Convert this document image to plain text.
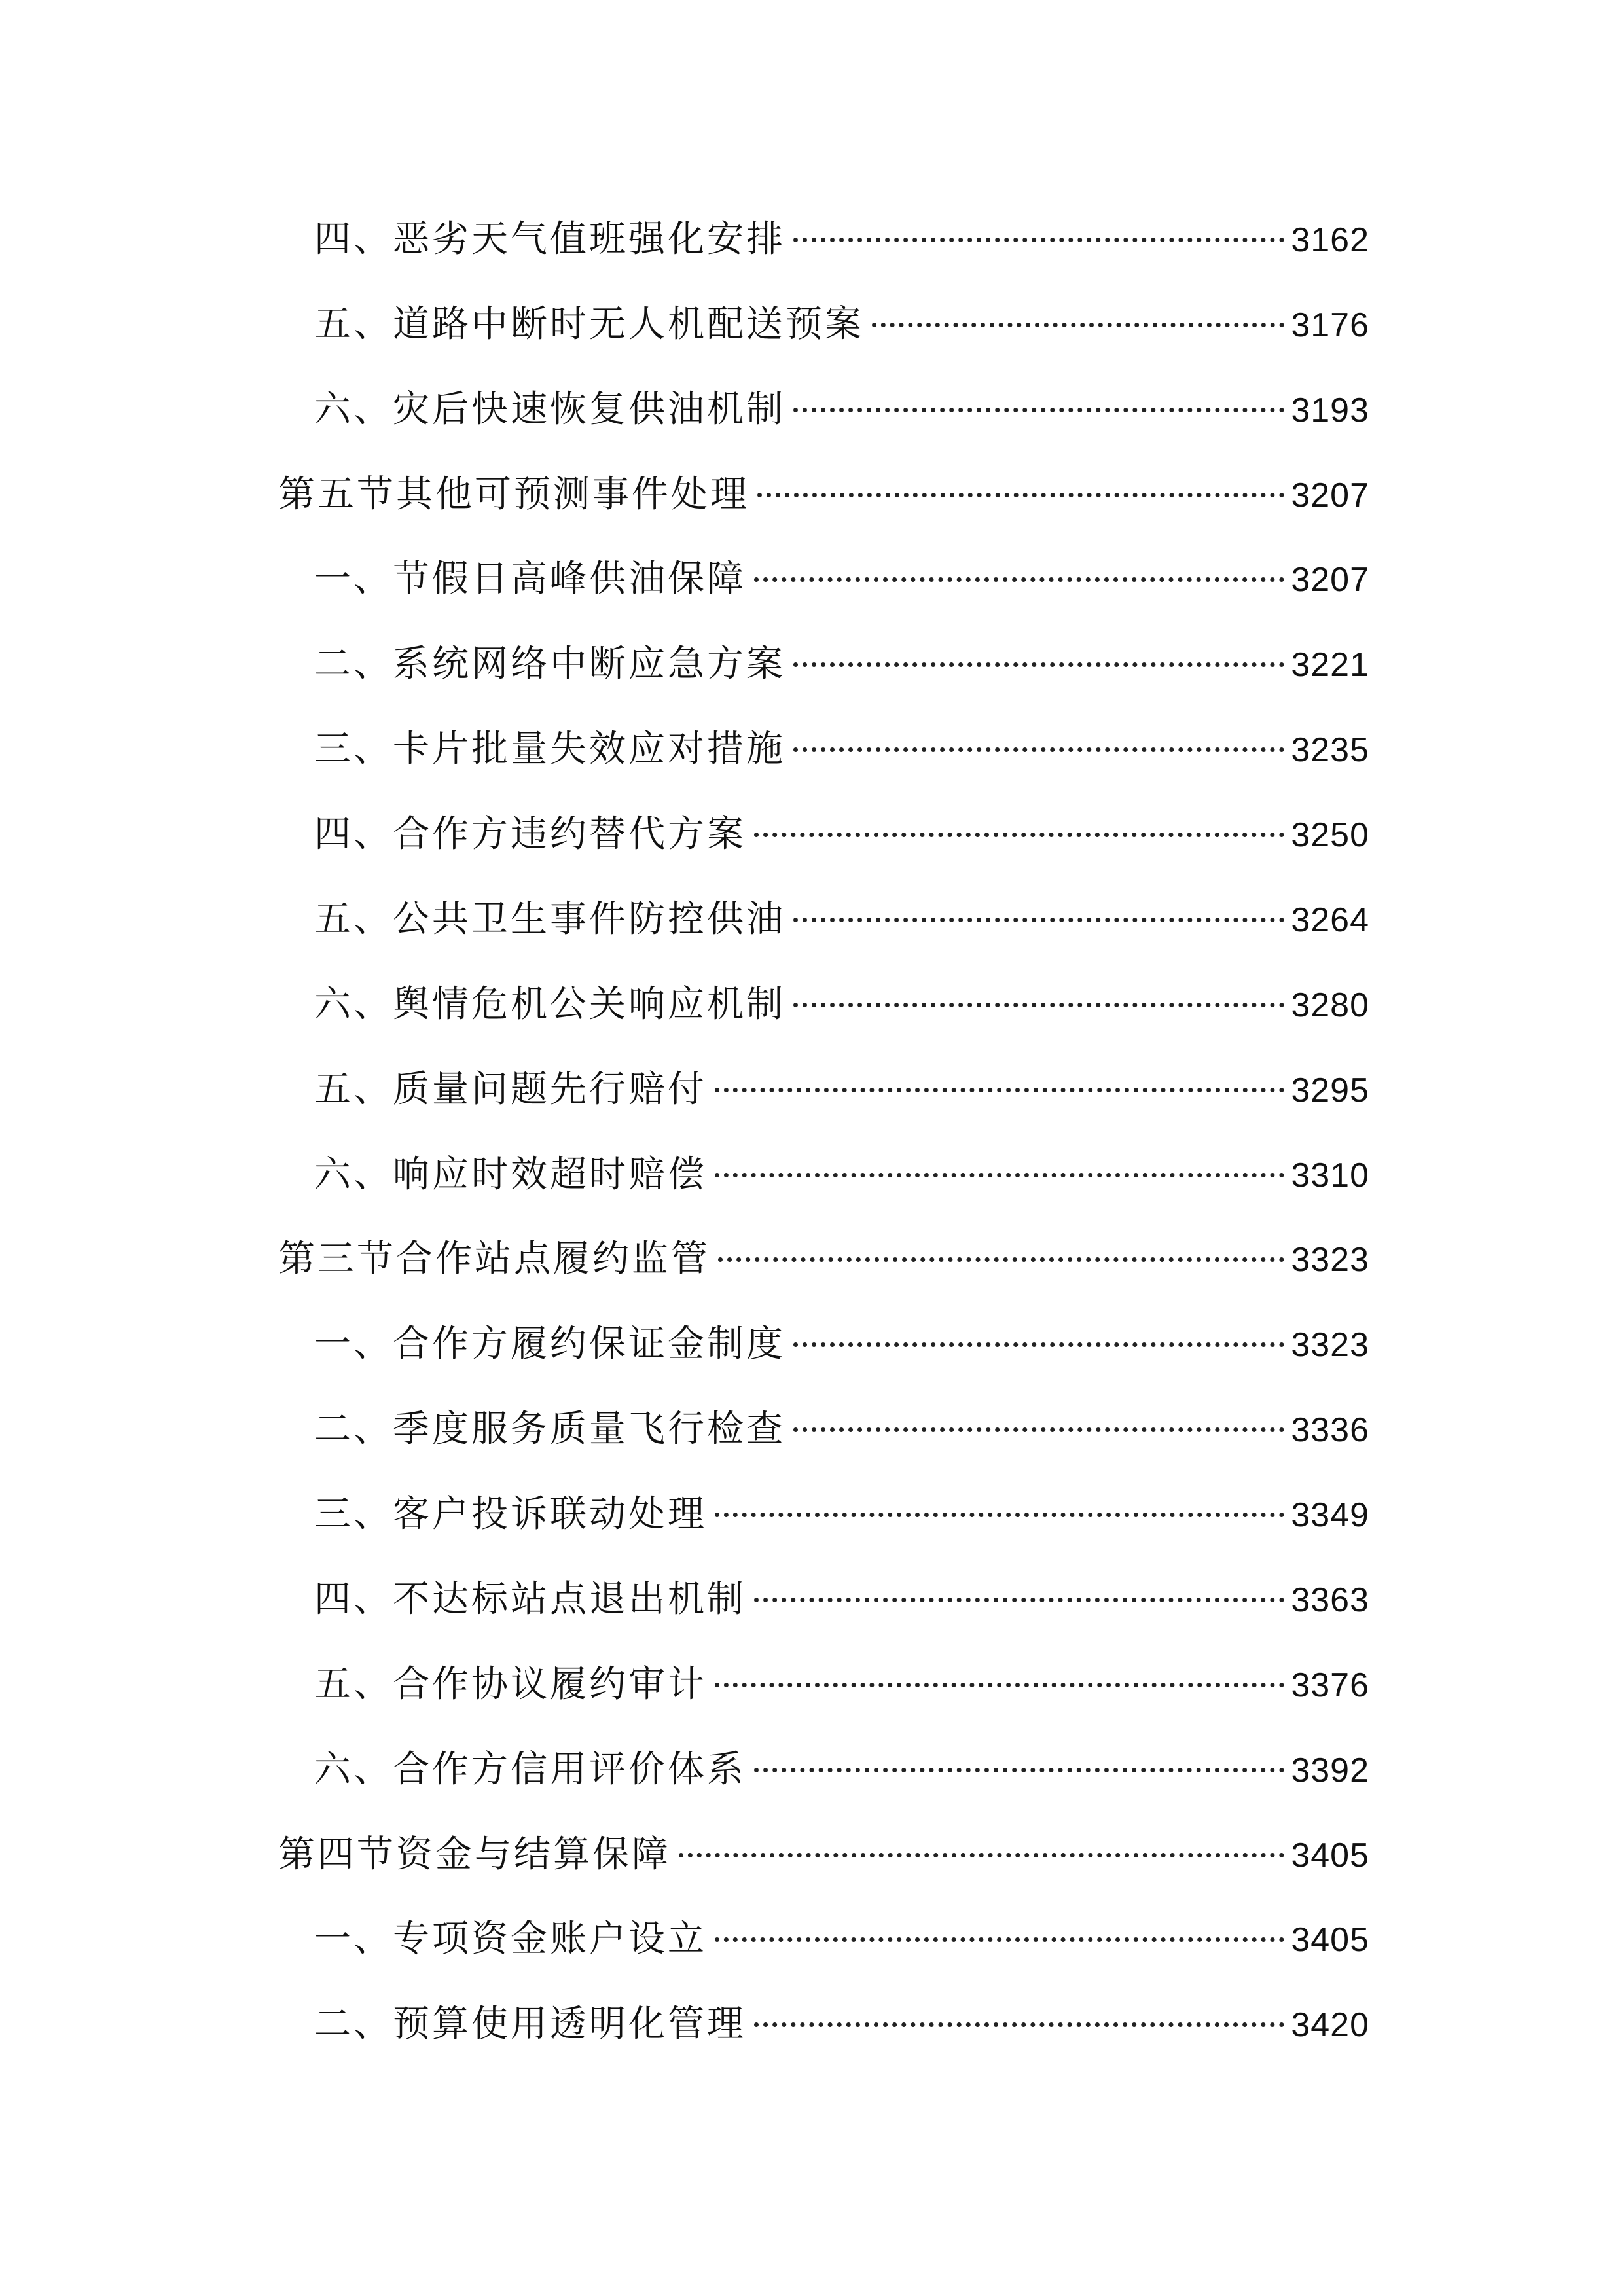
四、恶劣天气值班强化安排	3162
五、道路中断时无人机配送预案	3176
六、灾后快速恢复供油机制	3193
第五节其他可预测事件处理	3207
一、节假日高峰供油保障	3207
二、系统网络中断应急方案	3221
三、卡片批量失效应对措施	3235
四、合作方违约替代方案	3250
五、公共卫生事件防控供油	3264
六、舆情危机公关响应机制	3280
五、质量问题先行赔付	3295
六、响应时效超时赔偿	3310
第三节合作站点履约监管	3323
一、合作方履约保证金制度	3323
二、季度服务质量飞行检查	3336
三、客户投诉联动处理	3349
四、不达标站点退出机制	3363
五、合作协议履约审计	3376
六、合作方信用评价体系	3392
第四节资金与结算保障	3405
一、专项资金账户设立	3405
二、预算使用透明化管理	3420
